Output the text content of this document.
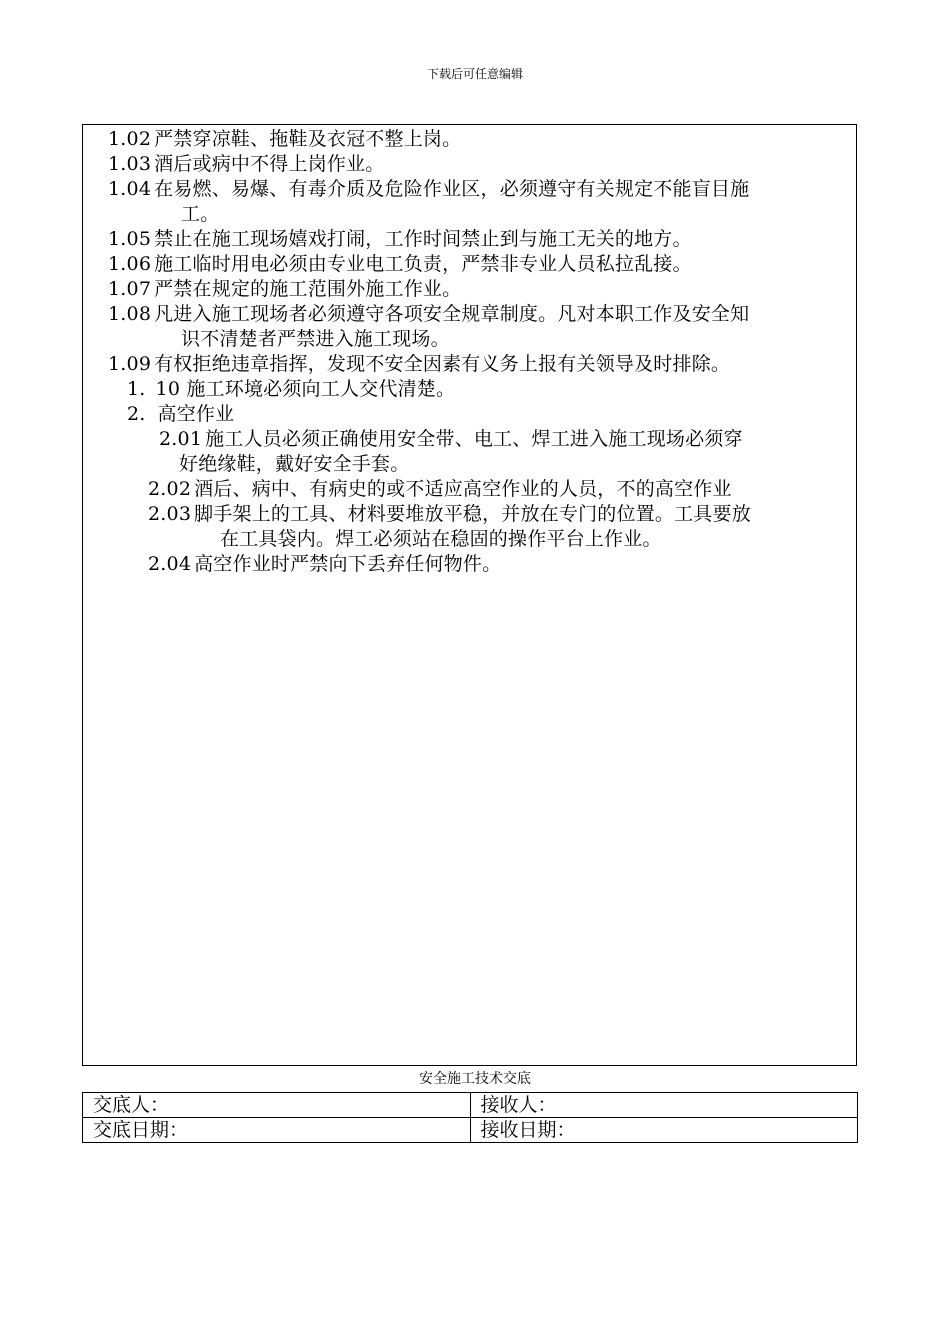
下载后可任意编辑
1.02 严禁穿凉鞋、拖鞋及衣冠不整上岗。
1.03 酒后或病中不得上岗作业。
1.04 在易燃、易爆、有毒介质及危险作业区，必须遵守有关规定不能盲目施
工。
1.05 禁止在施工现场嬉戏打闹，工作时间禁止到与施工无关的地方。
1.06 施工临时用电必须由专业电工负责，严禁非专业人员私拉乱接。
1.07 严禁在规定的施工范围外施工作业。
1.08 凡进入施工现场者必须遵守各项安全规章制度。凡对本职工作及安全知
识不清楚者严禁进入施工现场。
1.09 有权拒绝违章指挥，发现不安全因素有义务上报有关领导及时排除。
1. 10 施工环境必须向工人交代清楚。
2. 高空作业
2.01 施工人员必须正确使用安全带、电工、焊工进入施工现场必须穿
好绝缘鞋，戴好安全手套。
2.02 酒后、病中、有病史的或不适应高空作业的人员，不的高空作业
2.03 脚手架上的工具、材料要堆放平稳，并放在专门的位置。工具要放
在工具袋内。焊工必须站在稳固的操作平台上作业。
2.04 高空作业时严禁向下丢弃任何物件。
安全施工技术交底
交底人：	接收人：
交底日期：	接收日期：
